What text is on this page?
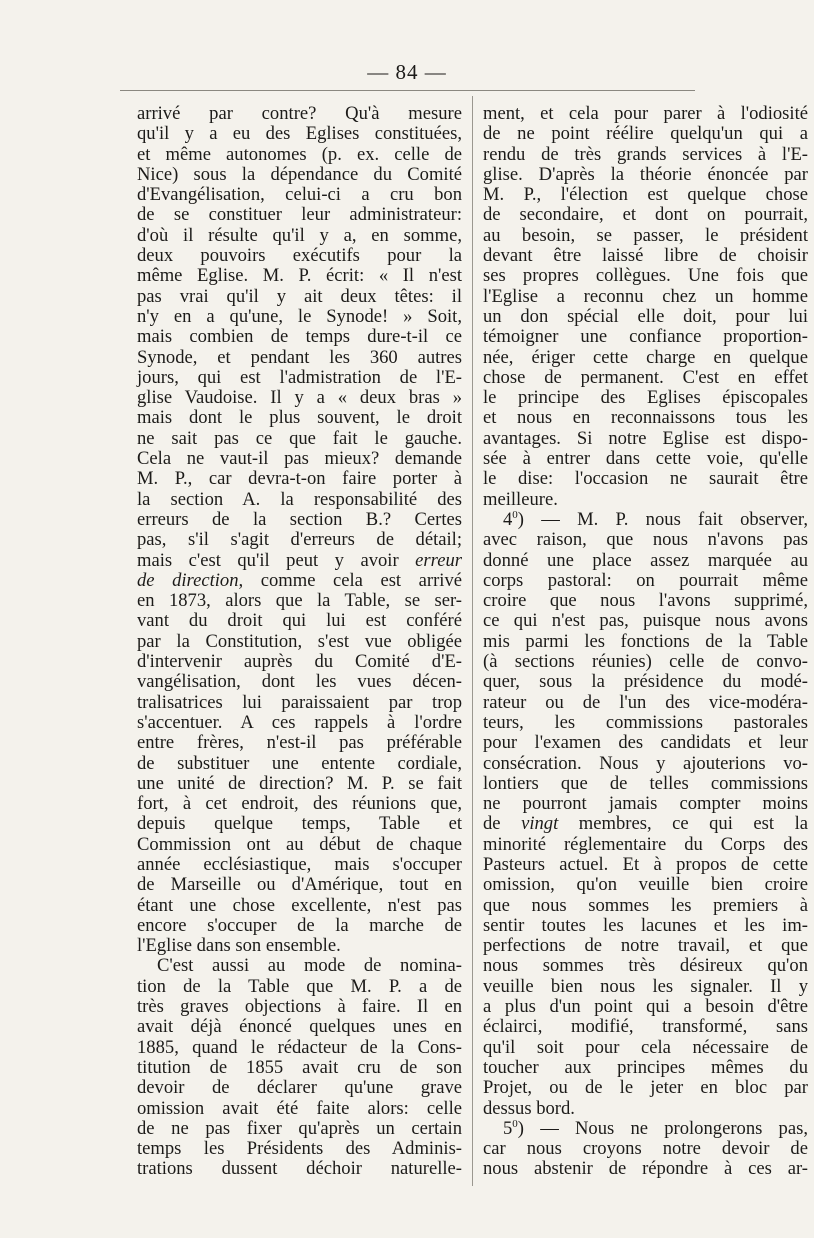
— 84 —
arrivé par contre? Qu'à mesure
qu'il y a eu des Eglises constituées,
et même autonomes (p. ex. celle de
Nice) sous la dépendance du Comité
d'Evangélisation, celui-ci a cru bon
de se constituer leur administrateur:
d'où il résulte qu'il y a, en somme,
deux pouvoirs exécutifs pour la
même Eglise. M. P. écrit: « Il n'est
pas vrai qu'il y ait deux têtes: il
n'y en a qu'une, le Synode! » Soit,
mais combien de temps dure-t-il ce
Synode, et pendant les 360 autres
jours, qui est l'admistration de l'E-
glise Vaudoise. Il y a « deux bras »
mais dont le plus souvent, le droit
ne sait pas ce que fait le gauche.
Cela ne vaut-il pas mieux? demande
M. P., car devra-t-on faire porter à
la section A. la responsabilité des
erreurs de la section B.? Certes
pas, s'il s'agit d'erreurs de détail;
mais c'est qu'il peut y avoir erreur
de direction, comme cela est arrivé
en 1873, alors que la Table, se ser-
vant du droit qui lui est conféré
par la Constitution, s'est vue obligée
d'intervenir auprès du Comité d'E-
vangélisation, dont les vues décen-
tralisatrices lui paraissaient par trop
s'accentuer. A ces rappels à l'ordre
entre frères, n'est-il pas préférable
de substituer une entente cordiale,
une unité de direction? M. P. se fait
fort, à cet endroit, des réunions que,
depuis quelque temps, Table et
Commission ont au début de chaque
année ecclésiastique, mais s'occuper
de Marseille ou d'Amérique, tout en
étant une chose excellente, n'est pas
encore s'occuper de la marche de
l'Eglise dans son ensemble.
C'est aussi au mode de nomina-
tion de la Table que M. P. a de
très graves objections à faire. Il en
avait déjà énoncé quelques unes en
1885, quand le rédacteur de la Cons-
titution de 1855 avait cru de son
devoir de déclarer qu'une grave
omission avait été faite alors: celle
de ne pas fixer qu'après un certain
temps les Présidents des Adminis-
trations dussent déchoir naturelle-
ment, et cela pour parer à l'odiosité
de ne point réélire quelqu'un qui a
rendu de très grands services à l'E-
glise. D'après la théorie énoncée par
M. P., l'élection est quelque chose
de secondaire, et dont on pourrait,
au besoin, se passer, le président
devant être laissé libre de choisir
ses propres collègues. Une fois que
l'Eglise a reconnu chez un homme
un don spécial elle doit, pour lui
témoigner une confiance proportion-
née, ériger cette charge en quelque
chose de permanent. C'est en effet
le principe des Eglises épiscopales
et nous en reconnaissons tous les
avantages. Si notre Eglise est dispo-
sée à entrer dans cette voie, qu'elle
le dise: l'occasion ne saurait être
meilleure.
$4^0$) — M. P. nous fait observer,
avec raison, que nous n'avons pas
donné une place assez marquée au
corps pastoral: on pourrait même
croire que nous l'avons supprimé,
ce qui n'est pas, puisque nous avons
mis parmi les fonctions de la Table
(à sections réunies) celle de convo-
quer, sous la présidence du modé-
rateur ou de l'un des vice-modéra-
teurs, les commissions pastorales
pour l'examen des candidats et leur
consécration. Nous y ajouterions vo-
lontiers que de telles commissions
ne pourront jamais compter moins
de vingt membres, ce qui est la
minorité réglementaire du Corps des
Pasteurs actuel. Et à propos de cette
omission, qu'on veuille bien croire
que nous sommes les premiers à
sentir toutes les lacunes et les im-
perfections de notre travail, et que
nous sommes très désireux qu'on
veuille bien nous les signaler. Il y
a plus d'un point qui a besoin d'être
éclairci, modifié, transformé, sans
qu'il soit pour cela nécessaire de
toucher aux principes mêmes du
Projet, ou de le jeter en bloc par
dessus bord.
$5^0$) — Nous ne prolongerons pas,
car nous croyons notre devoir de
nous abstenir de répondre à ces ar-
